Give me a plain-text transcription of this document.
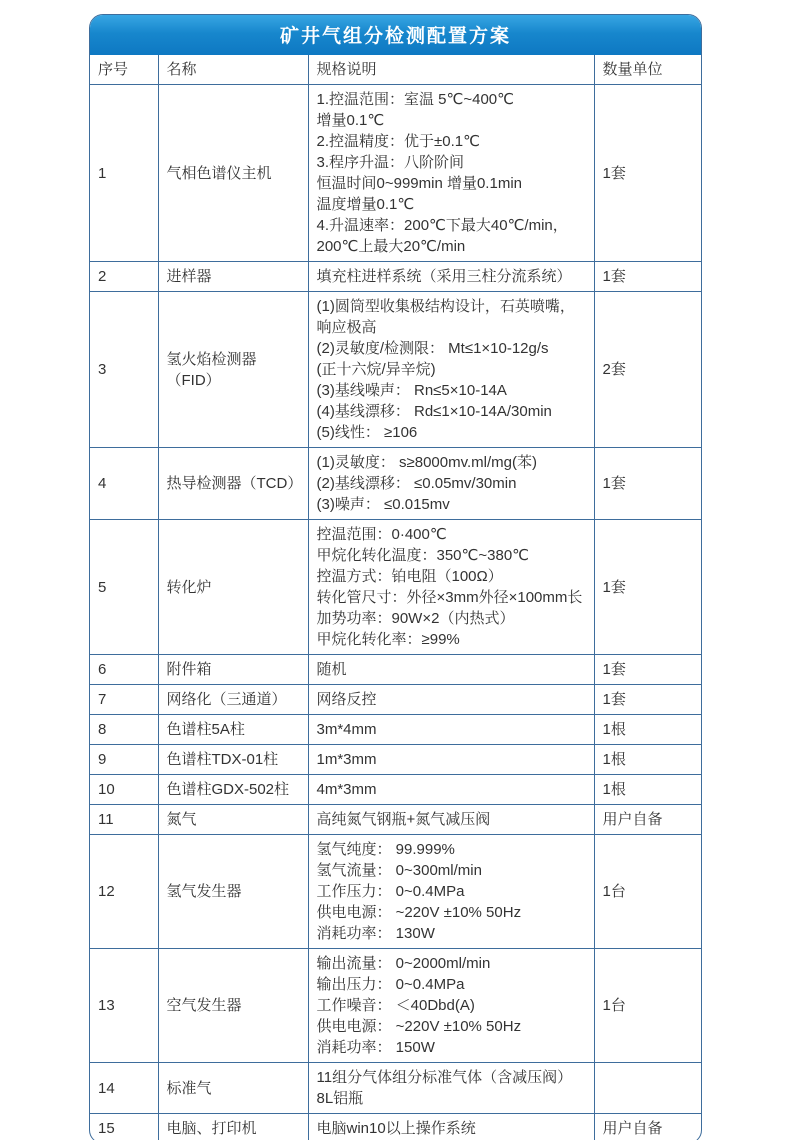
矿井气组分检测配置方案
序号	名称	规格说明	数量单位
1	气相色谱仪主机	
1.控温范围：室温 5℃~400℃
增量0.1℃
2.控温精度：优于±0.1℃
3.程序升温：八阶阶间
恒温时间0~999min 增量0.1min
温度增量0.1℃
4.升温速率：200℃下最大40℃/min，
200℃上最大20℃/min
	1套
2	进样器	填充柱进样系统（采用三柱分流系统）	1套
3	氢火焰检测器（FID）	
(1)圆筒型收集极结构设计，石英喷嘴，
响应极高
(2)灵敏度/检测限： Mt≤1×10-12g/s
(正十六烷/异辛烷)
(3)基线噪声： Rn≤5×10-14A
(4)基线漂移： Rd≤1×10-14A/30min
(5)线性： ≥106
	2套
4	热导检测器（TCD）	(1)灵敏度： s≥8000mv.ml/mg(苯)
(2)基线漂移： ≤0.05mv/30min
(3)噪声： ≤0.015mv	1套
5	转化炉	
控温范围：0·400℃
甲烷化转化温度：350℃~380℃
控温方式：铂电阻（100Ω）
转化管尺寸：外径×3mm外径×100mm长
加势功率：90W×2（内热式）
甲烷化转化率：≥99%
	1套
6	附件箱	随机	1套
7	网络化（三通道）	网络反控	1套
8	色谱柱5A柱	3m*4mm	1根
9	色谱柱TDX-01柱	1m*3mm	1根
10	色谱柱GDX-502柱	4m*3mm	1根
11	氮气	高纯氮气钢瓶+氮气减压阀	用户自备
12	氢气发生器	氢气纯度： 99.999%
氢气流量： 0~300ml/min
工作压力： 0~0.4MPa
供电电源： ~220V ±10% 50Hz
消耗功率： 130W	1台
13	空气发生器	输出流量： 0~2000ml/min
输出压力： 0~0.4MPa
工作噪音： ＜40Dbd(A)
供电电源： ~220V ±10% 50Hz
消耗功率： 150W	1台
14	标准气	11组分气体组分标准气体（含减压阀）
8L铝瓶	

15	电脑、打印机	电脑win10以上操作系统	用户自备
